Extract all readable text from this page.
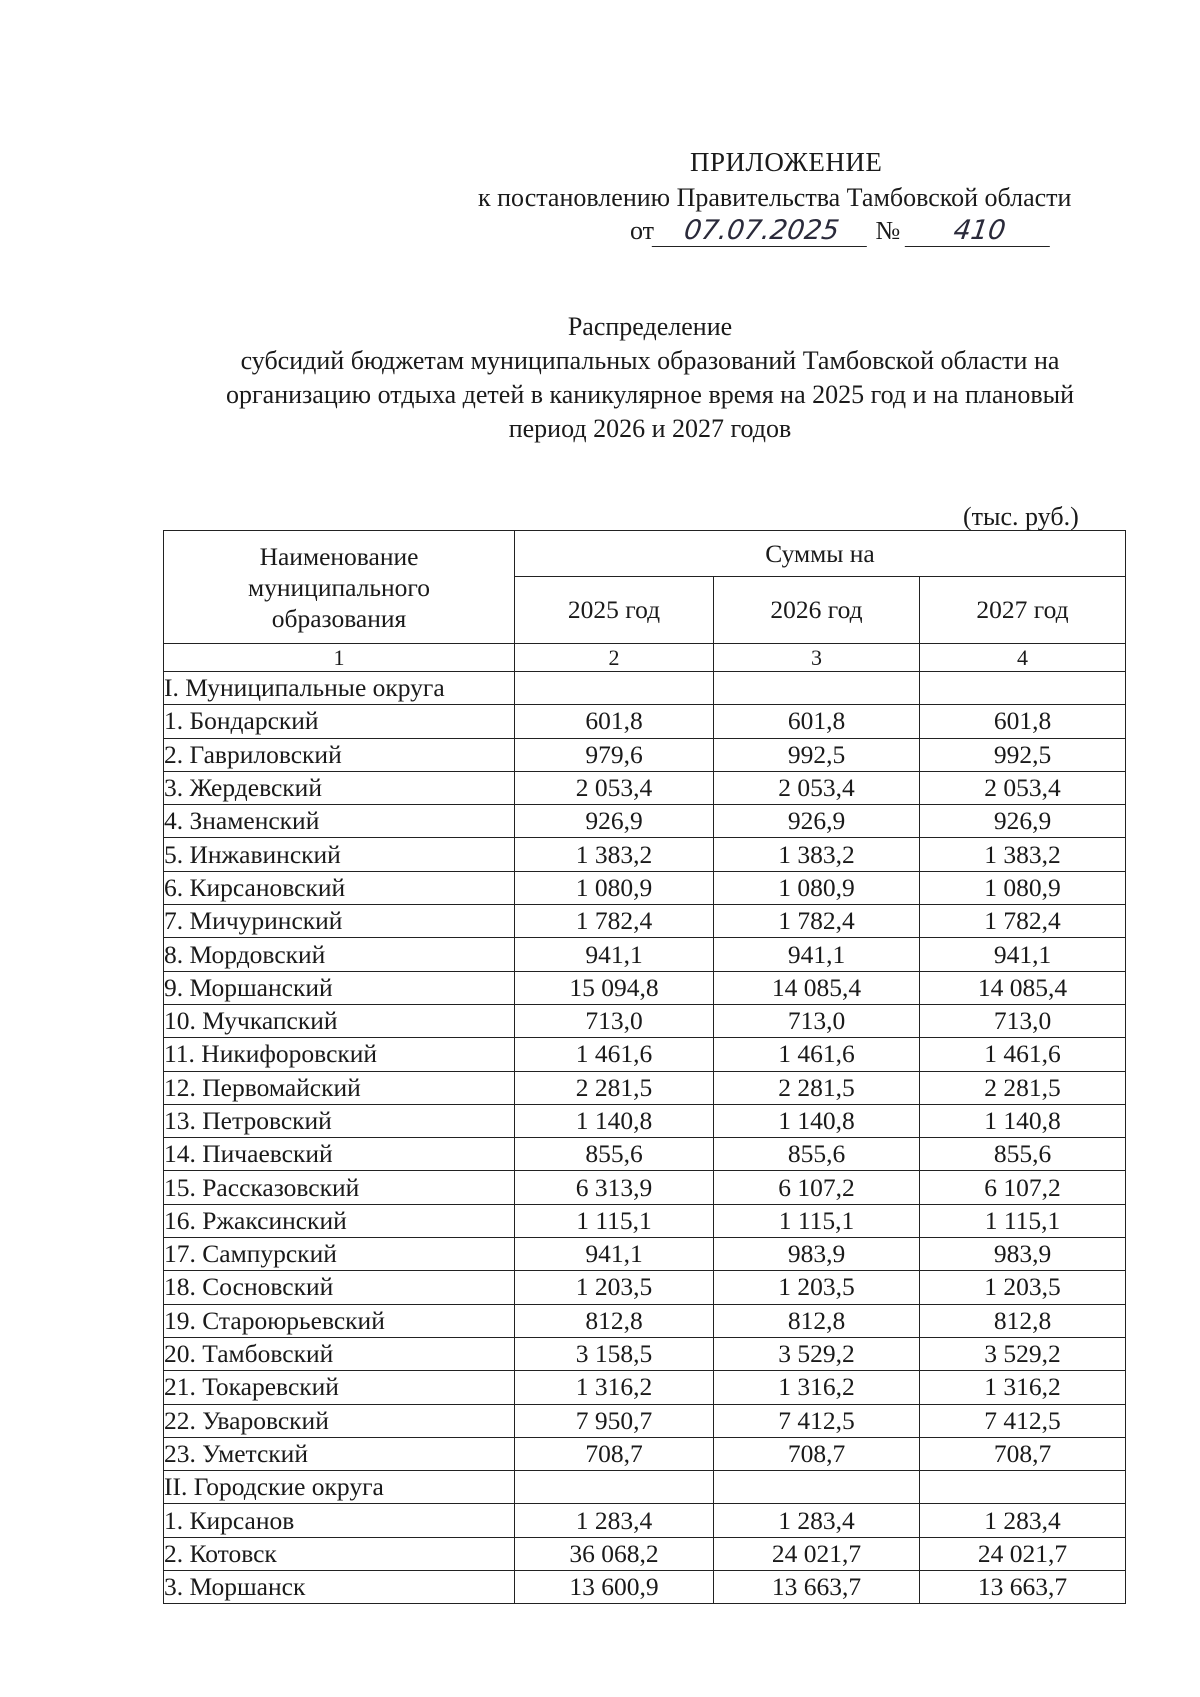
ПРИЛОЖЕНИЕ
к постановлению Правительства Тамбовской области
от 07.07.2025 № 410
Распределение
субсидий бюджетам муниципальных образований Тамбовской области на
организацию отдыха детей в каникулярное время на 2025 год и на плановый
период 2026 и 2027 годов
(тыс. руб.)
Наименование
муниципального
образования	Суммы на		
	2025 год	2026 год	2027 год
1	2	3	4
I. Муниципальные округа			
1. Бондарский	601,8	601,8	601,8
2. Гавриловский	979,6	992,5	992,5
3. Жердевский	2 053,4	2 053,4	2 053,4
4. Знаменский	926,9	926,9	926,9
5. Инжавинский	1 383,2	1 383,2	1 383,2
6. Кирсановский	1 080,9	1 080,9	1 080,9
7. Мичуринский	1 782,4	1 782,4	1 782,4
8. Мордовский	941,1	941,1	941,1
9. Моршанский	15 094,8	14 085,4	14 085,4
10. Мучкапский	713,0	713,0	713,0
11. Никифоровский	1 461,6	1 461,6	1 461,6
12. Первомайский	2 281,5	2 281,5	2 281,5
13. Петровский	1 140,8	1 140,8	1 140,8
14. Пичаевский	855,6	855,6	855,6
15. Рассказовский	6 313,9	6 107,2	6 107,2
16. Ржаксинский	1 115,1	1 115,1	1 115,1
17. Сампурский	941,1	983,9	983,9
18. Сосновский	1 203,5	1 203,5	1 203,5
19. Староюрьевский	812,8	812,8	812,8
20. Тамбовский	3 158,5	3 529,2	3 529,2
21. Токаревский	1 316,2	1 316,2	1 316,2
22. Уваровский	7 950,7	7 412,5	7 412,5
23. Уметский	708,7	708,7	708,7
II. Городские округа			
1. Кирсанов	1 283,4	1 283,4	1 283,4
2. Котовск	36 068,2	24 021,7	24 021,7
3. Моршанск	13 600,9	13 663,7	13 663,7
